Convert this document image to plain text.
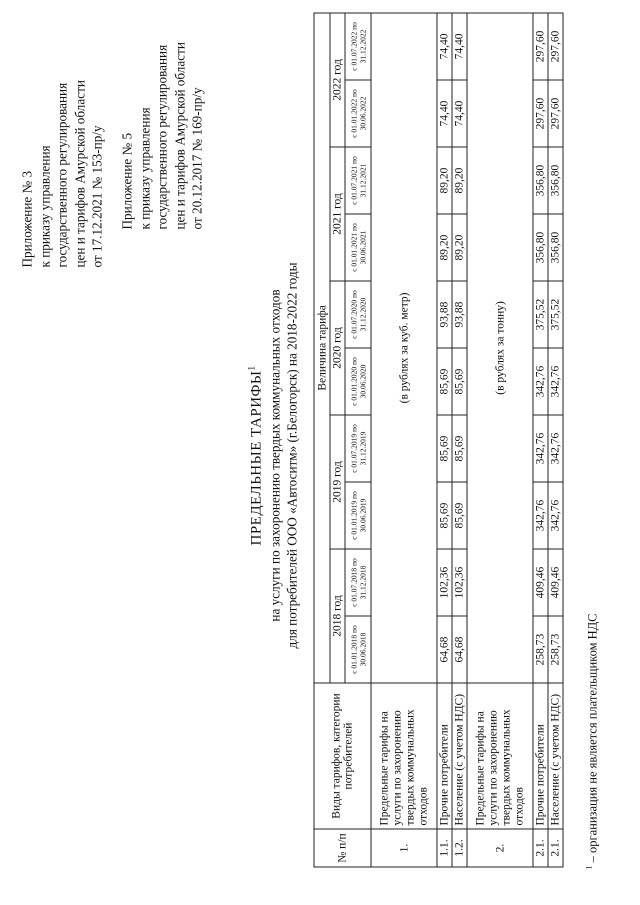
Приложение № 3 к приказу управления государственного регулирования цен и тарифов Амурской области от 17.12.2021 № 153-пр/у Приложение № 5 к приказу управления государственного регулирования цен и тарифов Амурской области от 20.12.2017 № 169-пр/у
ПРЕДЕЛЬНЫЕ ТАРИФЫ$^1$ на услуги по захоронению твердых коммунальных отходов для потребителей ООО «Автоситм» (г.Белогорск) на 2018-2022 годы
№ п/п	Виды тарифов, категории потребителей	Величина тарифа									
		2018 год		2019 год		2020 год		2021 год		2022 год	
		с 01.01.2018 по 30.06.2018	с 01.07.2018 по 31.12.2018	с 01.01.2019 по 30.06.2019	с 01.07.2019 по 31.12.2019	с 01.01.2020 по 30.06.2020	с 01.07.2020 по 31.12.2020	с 01.01.2021 по 30.06.2021	с 01.07.2021 по 31.12.2021	с 01.01.2022 по 30.06.2022	с 01.07.2022 по 31.12.2022
1.	Предельные тарифы на услуги по захоронению твердых коммунальных отходов	(в рублях за куб. метр)									
1.1.	Прочие потребители	64,68	102,36	85,69	85,69	85,69	93,88	89,20	89,20	74,40	74,40
1.2.	Население (с учетом НДС)	64,68	102,36	85,69	85,69	85,69	93,88	89,20	89,20	74,40	74,40
2.	Предельные тарифы на услуги по захоронению твердых коммунальных отходов	(в рублях за тонну)									
2.1.	Прочие потребители	258,73	409,46	342,76	342,76	342,76	375,52	356,80	356,80	297,60	297,60
2.1.	Население (с учетом НДС)	258,73	409,46	342,76	342,76	342,76	375,52	356,80	356,80	297,60	297,60
$^1$ – организация не является плательщиком НДС
